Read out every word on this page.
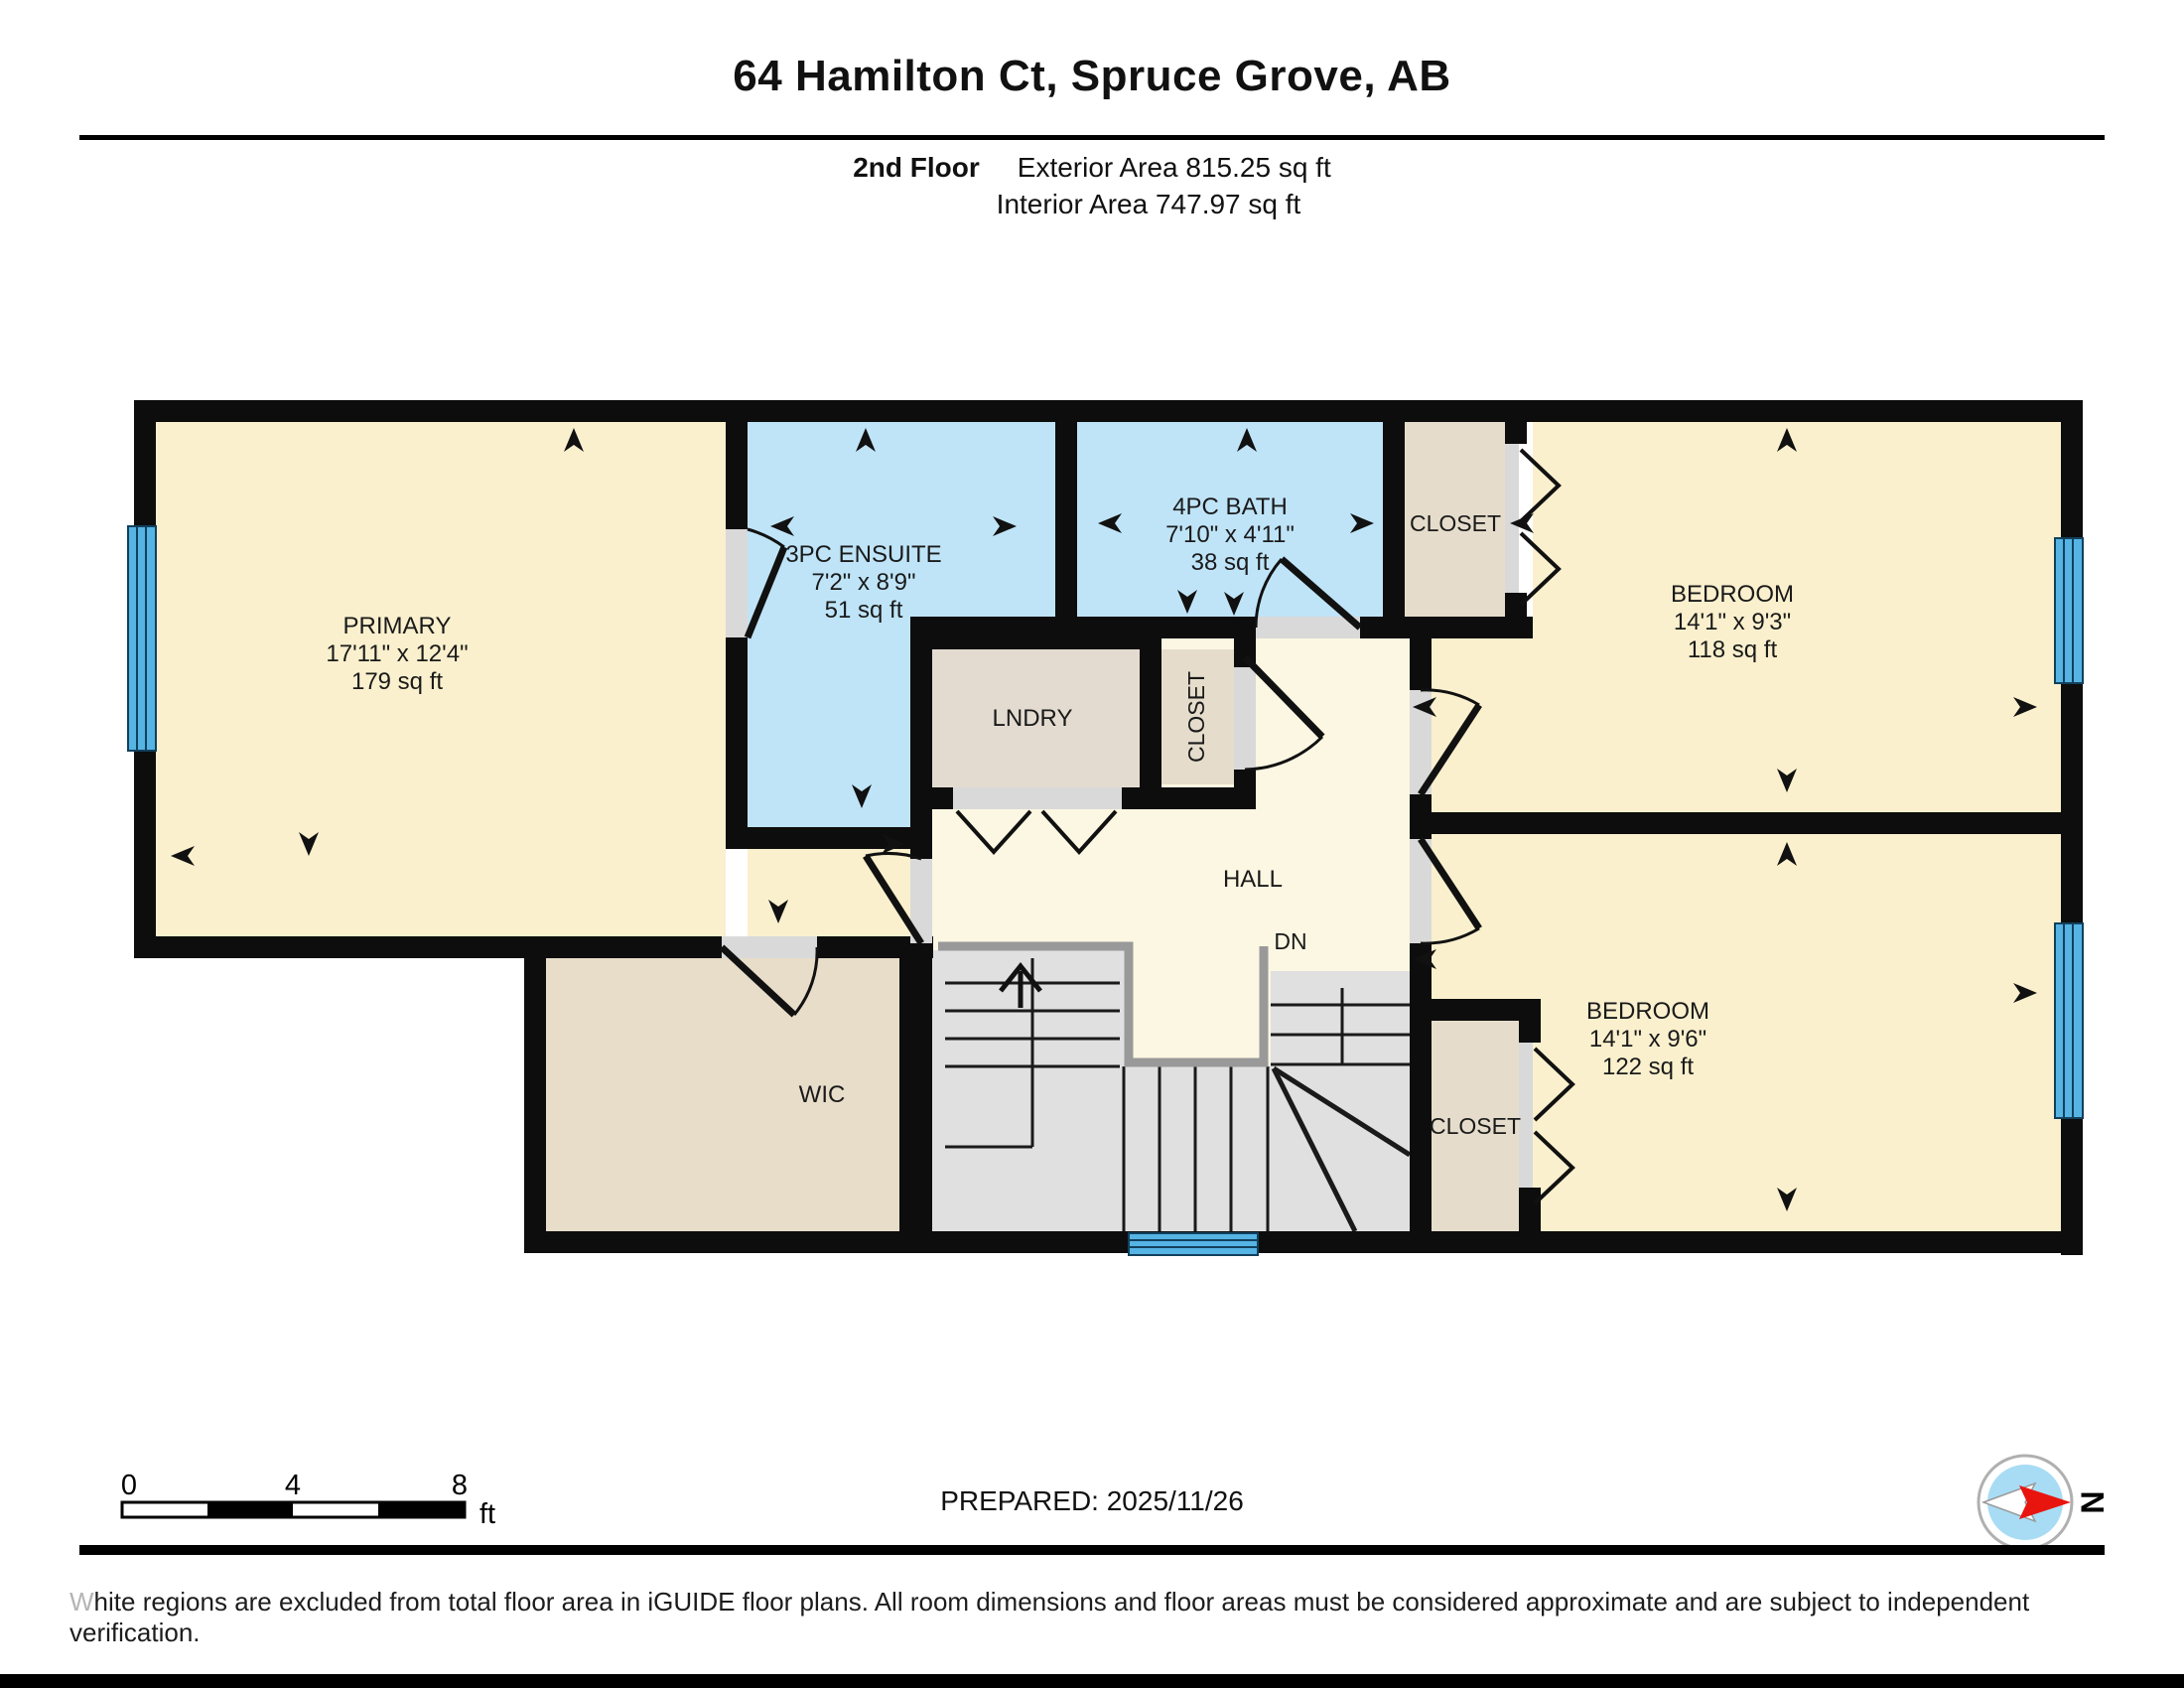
64 Hamilton Ct, Spruce Grove, AB
2nd Floor Exterior Area 815.25 sq ft
Interior Area 747.97 sq ft
PRIMARY
17'11" x 12'4"
179 sq ft
3PC ENSUITE
7'2" x 8'9"
51 sq ft
4PC BATH
7'10" x 4'11"
38 sq ft
BEDROOM
14'1" x 9'3"
118 sq ft
BEDROOM
14'1" x 9'6"
122 sq ft
LNDRY
WIC
HALL
DN
CLOSET
CLOSET
CLOSET
0	4	8
ft	N
PREPARED: 2025/11/26
White regions are excluded from total floor area in iGUIDE floor plans. All room dimensions and floor areas must be considered approximate and are subject to independent verification.
